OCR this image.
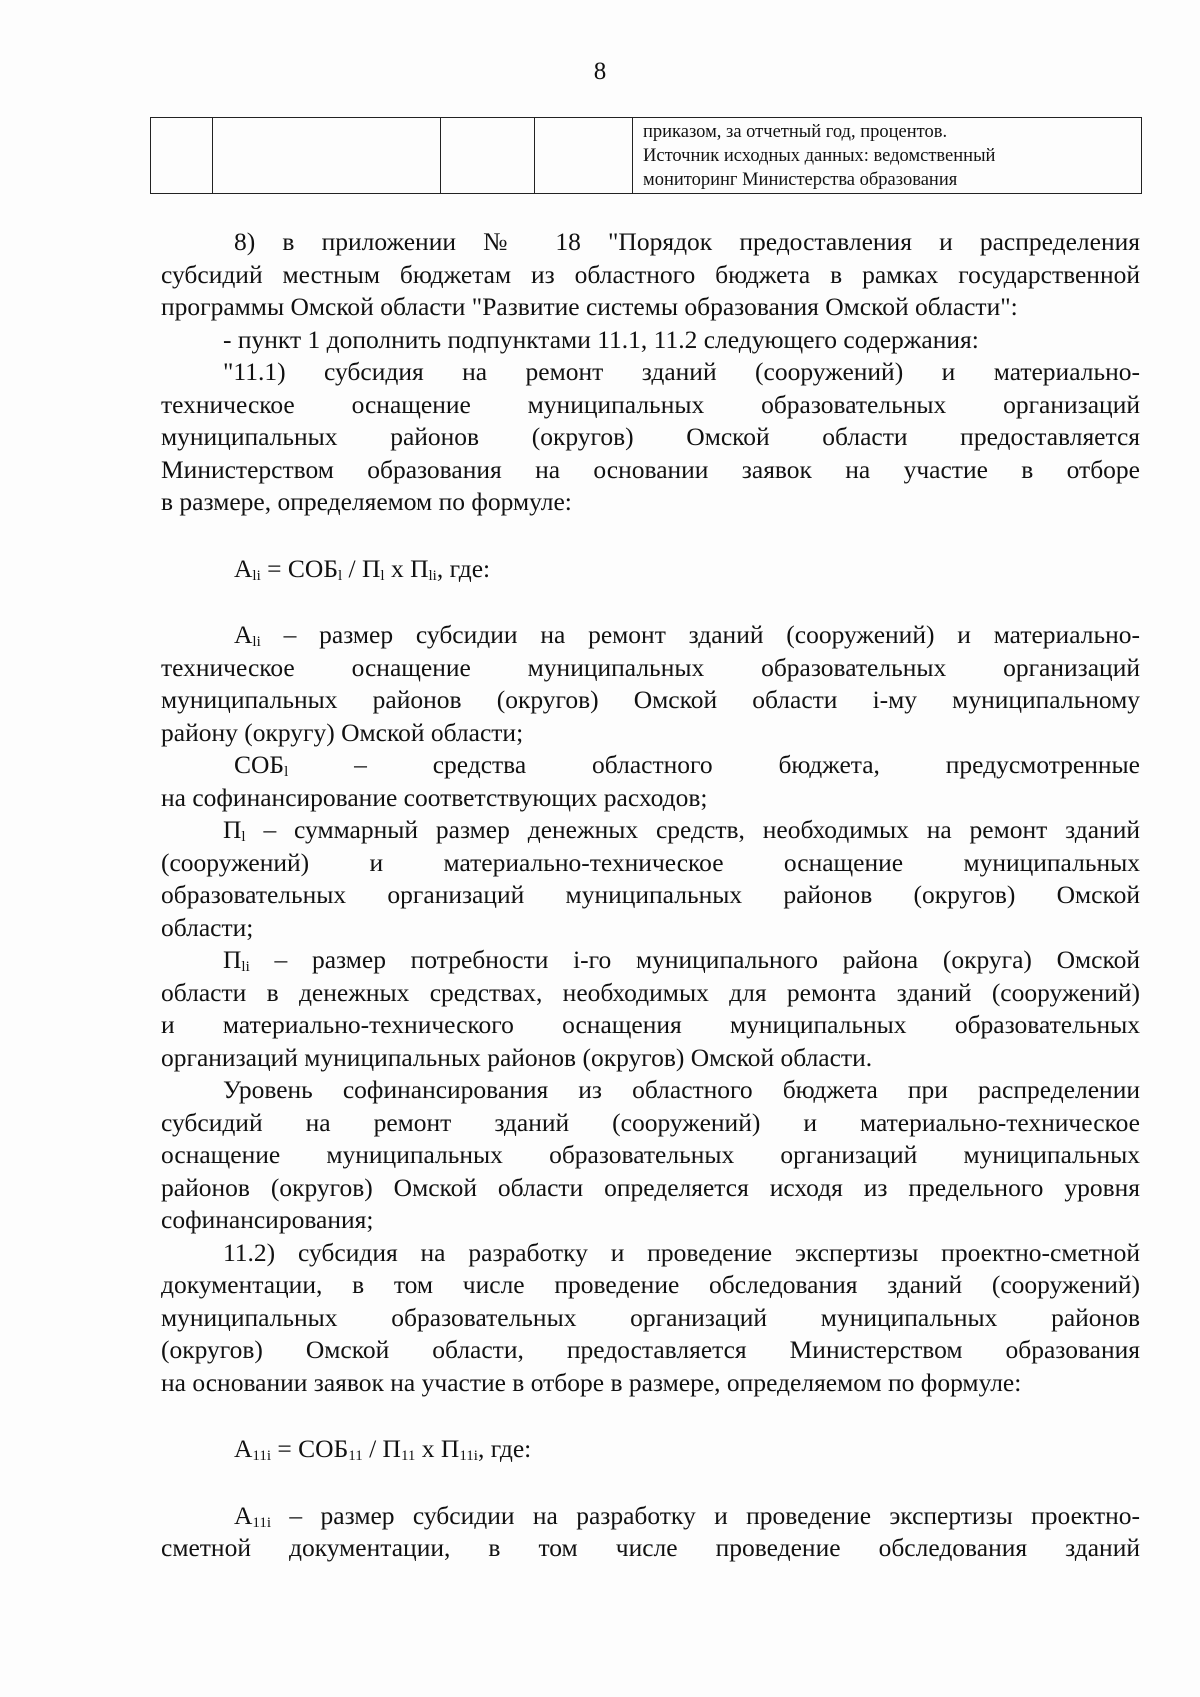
8

приказом, за отчетный год, процентов.
Источник исходных данных: ведомственный
мониторинг Министерства образования
8) в приложении № 18 "Порядок предоставления и распределения
субсидий местным бюджетам из областного бюджета в рамках государственной
программы Омской области "Развитие системы образования Омской области":

- пункт 1 дополнить подпунктами 11.1, 11.2 следующего содержания:

"11.1) субсидия на ремонт зданий (сооружений) и материально-
техническое оснащение муниципальных образовательных организаций
муниципальных районов (округов) Омской области предоставляется
Министерством образования на основании заявок на участие в отборе
в размере, определяемом по формуле:
$А_{li} = СОБ_l / П_l$ х $П_{li}$, где:
$А_{li}$ – размер субсидии на ремонт зданий (сооружений) и материально-
техническое оснащение муниципальных образовательных организаций
муниципальных районов (округов) Омской области i-му муниципальному
району (округу) Омской области;
$СОБ_l$ – средства областного бюджета, предусмотренные
на софинансирование соответствующих расходов;
$П_l$ – суммарный размер денежных средств, необходимых на ремонт зданий
(сооружений) и материально-техническое оснащение муниципальных
образовательных организаций муниципальных районов (округов) Омской
области;
$П_{li}$ – размер потребности i-го муниципального района (округа) Омской
области в денежных средствах, необходимых для ремонта зданий (сооружений)
и материально-технического оснащения муниципальных образовательных
организаций муниципальных районов (округов) Омской области.
Уровень софинансирования из областного бюджета при распределении
субсидий на ремонт зданий (сооружений) и материально-техническое
оснащение муниципальных образовательных организаций муниципальных
районов (округов) Омской области определяется исходя из предельного уровня
софинансирования;
11.2) субсидия на разработку и проведение экспертизы проектно-сметной
документации, в том числе проведение обследования зданий (сооружений)
муниципальных образовательных организаций муниципальных районов
(округов) Омской области, предоставляется Министерством образования
на основании заявок на участие в отборе в размере, определяемом по формуле:
$А_{11i} = СОБ_{11} / П_{11}$ х $П_{11i}$, где:
$А_{11i}$ – размер субсидии на разработку и проведение экспертизы проектно-
сметной документации, в том числе проведение обследования зданий
